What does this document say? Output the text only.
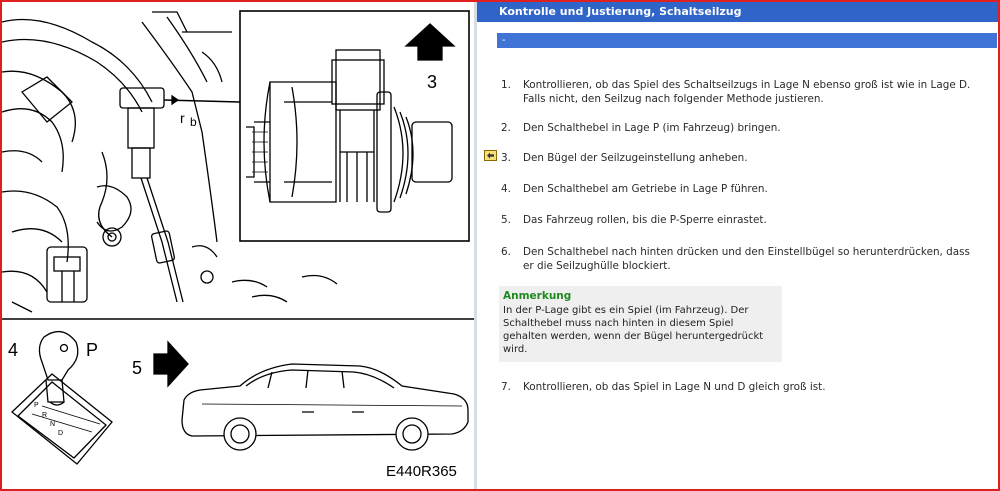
r b
3
4	P
P
R
N
D
5
E440R365
Kontrolle und Justierung, Schaltseilzug
-
1.	Kontrollieren, ob das Spiel des Schaltseilzugs in Lage N ebenso groß ist wie in Lage D. Falls nicht, den Seilzug nach folgender Methode justieren.
2.	Den Schalthebel in Lage P (im Fahrzeug) bringen.
3.	Den Bügel der Seilzugeinstellung anheben.
4.	Den Schalthebel am Getriebe in Lage P führen.
5.	Das Fahrzeug rollen, bis die P-Sperre einrastet.
6.	Den Schalthebel nach hinten drücken und den Einstellbügel so herunterdrücken, dass er die Seilzughülle blockiert.
Anmerkung
In der P-Lage gibt es ein Spiel (im Fahrzeug). Der Schalthebel muss nach hinten in diesem Spiel gehalten werden, wenn der Bügel heruntergedrückt wird.
7.	Kontrollieren, ob das Spiel in Lage N und D gleich groß ist.
